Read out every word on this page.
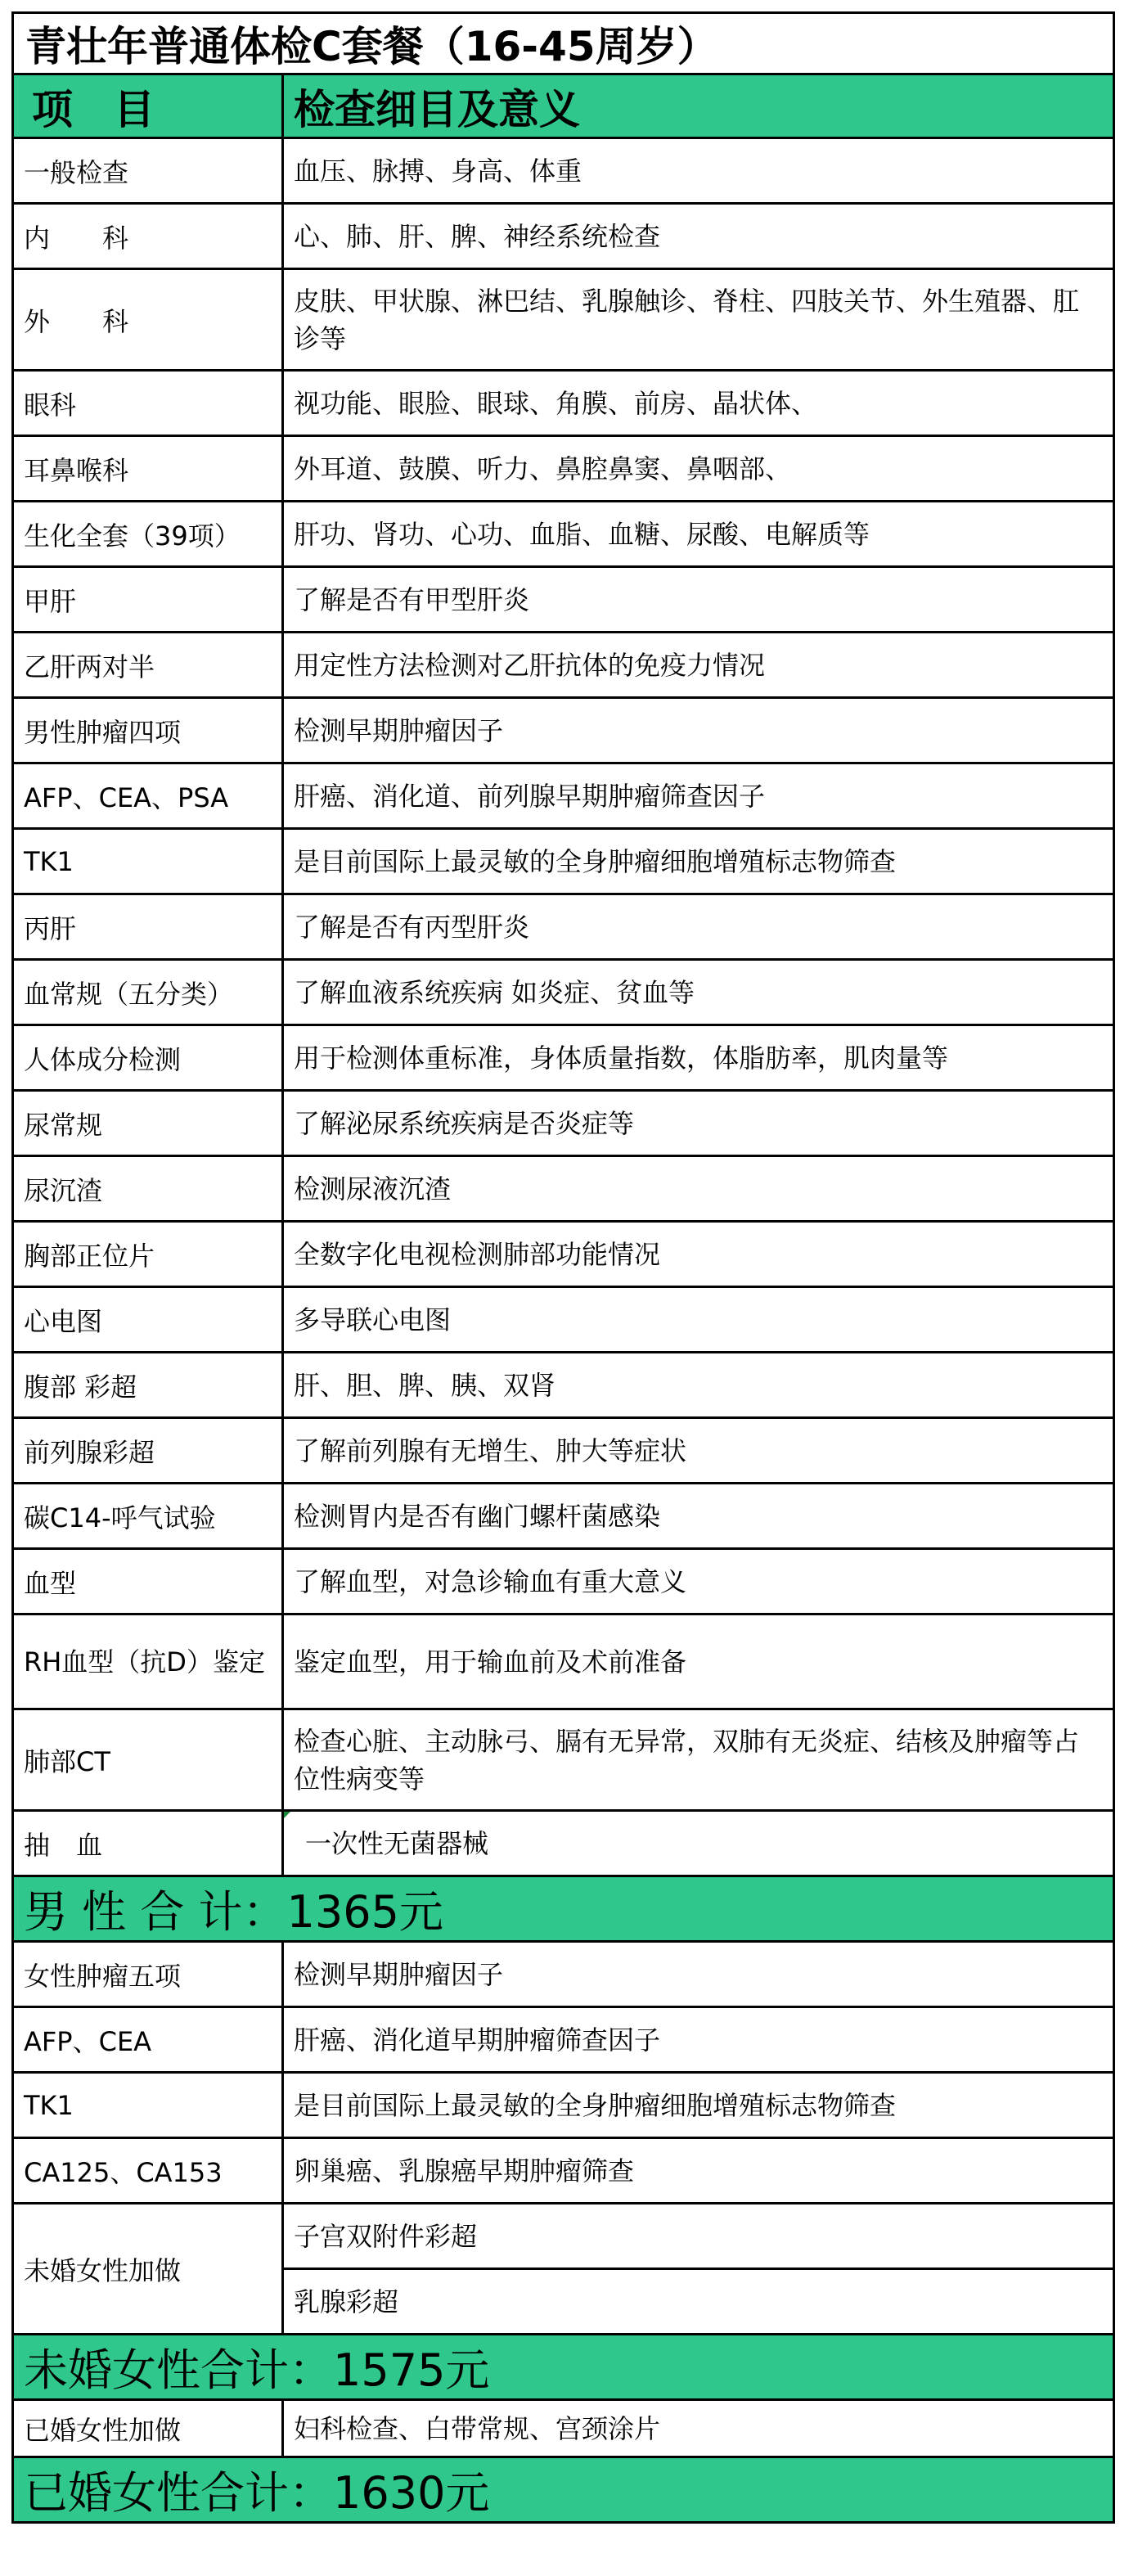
青壮年普通体检C套餐（16-45周岁）	
项　目	检查细目及意义
一般检查	血压、脉搏、身高、体重
内　　科	心、肺、肝、脾、神经系统检查
外　　科	皮肤、甲状腺、淋巴结、乳腺触诊、脊柱、四肢关节、外生殖器、肛诊等
眼科	视功能、眼脸、眼球、角膜、前房、晶状体、
耳鼻喉科	外耳道、鼓膜、听力、鼻腔鼻窦、鼻咽部、
生化全套（39项）	肝功、肾功、心功、血脂、血糖、尿酸、电解质等
甲肝	了解是否有甲型肝炎
乙肝两对半	用定性方法检测对乙肝抗体的免疫力情况
男性肿瘤四项	检测早期肿瘤因子
AFP、CEA、PSA	肝癌、消化道、前列腺早期肿瘤筛查因子
TK1	是目前国际上最灵敏的全身肿瘤细胞增殖标志物筛查
丙肝	了解是否有丙型肝炎
血常规（五分类）	了解血液系统疾病 如炎症、贫血等
人体成分检测	用于检测体重标准，身体质量指数，体脂肪率，肌肉量等
尿常规	了解泌尿系统疾病是否炎症等
尿沉渣	检测尿液沉渣
胸部正位片	全数字化电视检测肺部功能情况
心电图	多导联心电图
腹部 彩超	肝、胆、脾、胰、双肾
前列腺彩超	了解前列腺有无增生、肿大等症状
碳C14-呼气试验	检测胃内是否有幽门螺杆菌感染
血型	了解血型，对急诊输血有重大意义
RH血型（抗D）鉴定	鉴定血型，用于输血前及术前准备
肺部CT	检查心脏、主动脉弓、膈有无异常，双肺有无炎症、结核及肿瘤等占位性病变等
抽　血	一次性无菌器械
男 性 合 计：1365元	
女性肿瘤五项	检测早期肿瘤因子
AFP、CEA	肝癌、消化道早期肿瘤筛查因子
TK1	是目前国际上最灵敏的全身肿瘤细胞增殖标志物筛查
CA125、CA153	卵巢癌、乳腺癌早期肿瘤筛查
未婚女性加做	子宫双附件彩超
	乳腺彩超
未婚女性合计：1575元	
已婚女性加做	妇科检查、白带常规、宫颈涂片
已婚女性合计：1630元	
